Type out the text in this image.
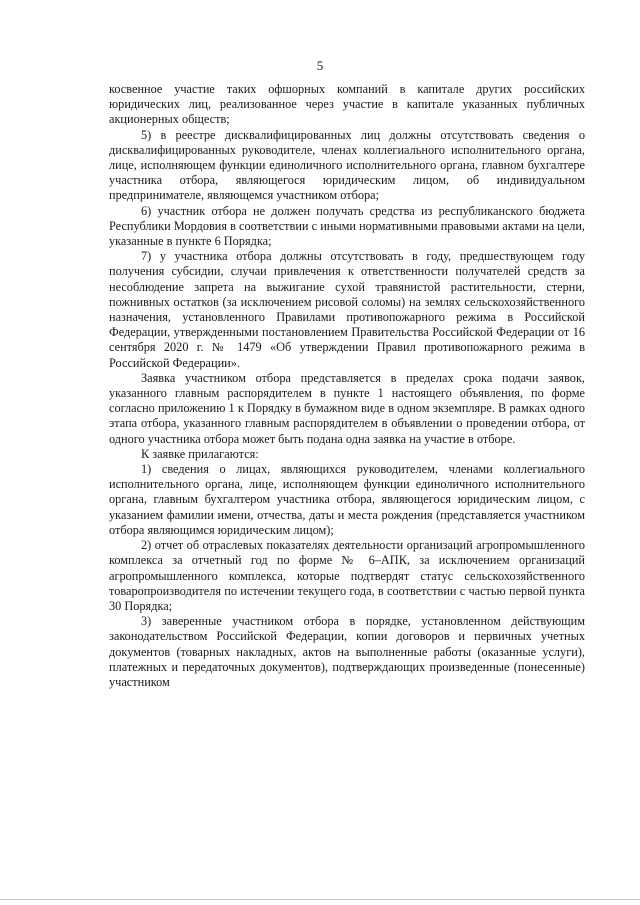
5

косвенное участие таких офшорных компаний в капитале других российских юридических лиц, реализованное через участие в капитале указанных публичных акционерных обществ;

5) в реестре дисквалифицированных лиц должны отсутствовать сведения о дисквалифицированных руководителе, членах коллегиального исполнительного органа, лице, исполняющем функции единоличного исполнительного органа, главном бухгалтере участника отбора, являющегося юридическим лицом, об индивидуальном предпринимателе, являющемся участником отбора;

6) участник отбора не должен получать средства из республиканского бюджета Республики Мордовия в соответствии с иными нормативными правовыми актами на цели, указанные в пункте 6 Порядка;

7) у участника отбора должны отсутствовать в году, предшествующем году получения субсидии, случаи привлечения к ответственности получателей средств за несоблюдение запрета на выжигание сухой травянистой растительности, стерни, пожнивных остатков (за исключением рисовой соломы) на землях сельскохозяйственного назначения, установленного Правилами противопожарного режима в Российской Федерации, утвержденными постановлением Правительства Российской Федерации от 16 сентября 2020 г. № 1479 «Об утверждении Правил противопожарного режима в Российской Федерации».

Заявка участником отбора представляется в пределах срока подачи заявок, указанного главным распорядителем в пункте 1 настоящего объявления, по форме согласно приложению 1 к Порядку в бумажном виде в одном экземпляре. В рамках одного этапа отбора, указанного главным распорядителем в объявлении о проведении отбора, от одного участника отбора может быть подана одна заявка на участие в отборе.

К заявке прилагаются:

1) сведения о лицах, являющихся руководителем, членами коллегиального исполнительного органа, лице, исполняющем функции единоличного исполнительного органа, главным бухгалтером участника отбора, являющегося юридическим лицом, с указанием фамилии имени, отчества, даты и места рождения (представляется участником отбора являющимся юридическим лицом);

2) отчет об отраслевых показателях деятельности организаций агропромышленного комплекса за отчетный год по форме № 6–АПК, за исключением организаций агропромышленного комплекса, которые подтвердят статус сельскохозяйственного товаропроизводителя по истечении текущего года, в соответствии с частью первой пункта 30 Порядка;

3) заверенные участником отбора в порядке, установленном действующим законодательством Российской Федерации, копии договоров и первичных учетных документов (товарных накладных, актов на выполненные работы (оказанные услуги), платежных и передаточных документов), подтверждающих произведенные (понесенные) участником
